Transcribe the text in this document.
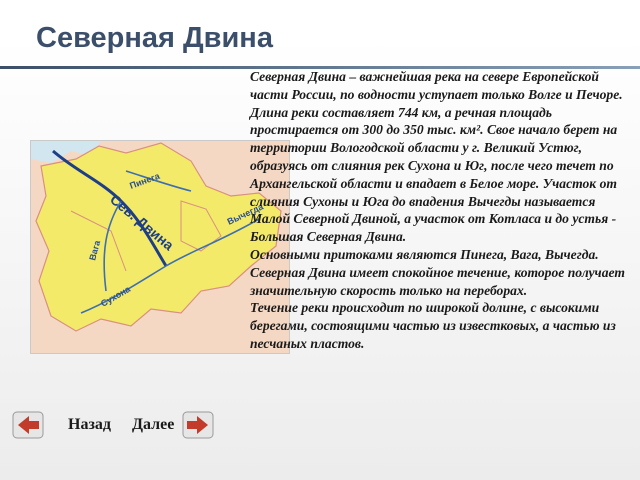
Северная Двина
Сев. Двина
Пинега
Вычегда
Вага
Сухона

Северная Двина – важнейшая река на севере Европейской части России, по водности уступает только Волге и Печоре. Длина реки составляет 744 км, а речная площадь простирается от 300 до 350 тыс. км². Свое начало берет на территории Вологодской области у г. Великий Устюг, образуясь от слияния рек Сухона и Юг, после чего течет по Архангельской области и впадает в Белое море. Участок от слияния Сухоны и Юга до впадения Вычегды называется Малой Северной Двиной, а участок от Котласа и до устья - Большая Северная Двина.

Основными притоками являются Пинега, Вага, Вычегда.

Северная Двина имеет спокойное течение, которое получает значительную скорость только на переборах.

Течение реки происходит по широкой долине, с высокими берегами, состоящими частью из известковых, а частью из песчаных пластов.

Назад Далее
